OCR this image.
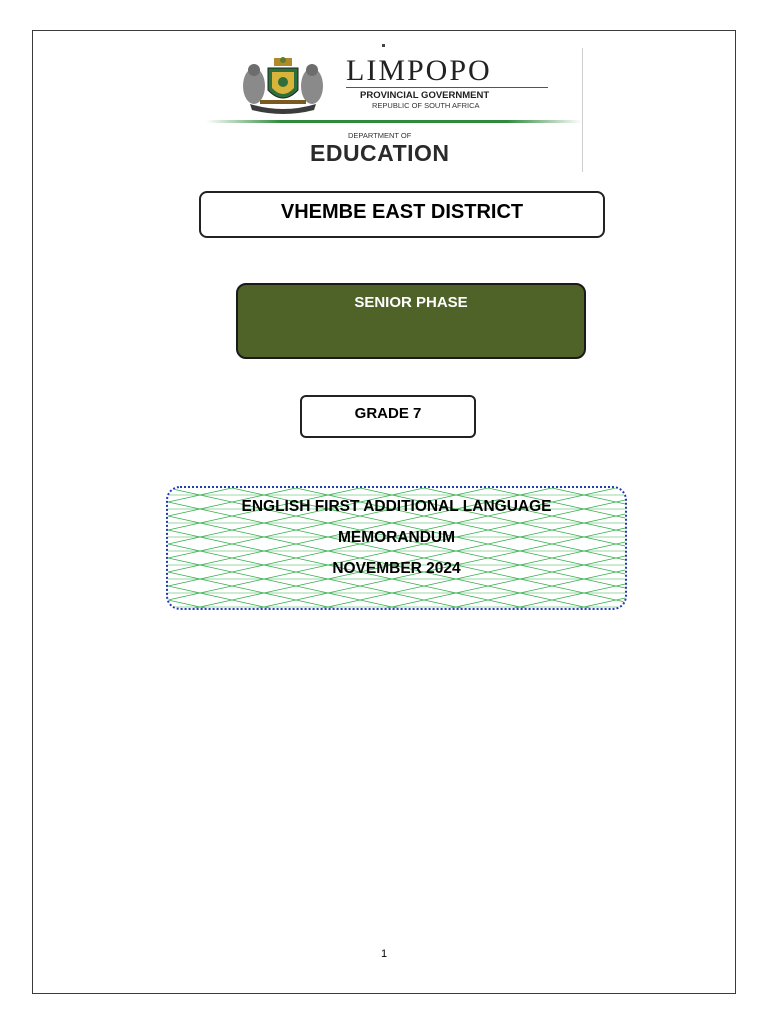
LIMPOPO
PROVINCIAL GOVERNMENT
REPUBLIC OF SOUTH AFRICA
DEPARTMENT OF
EDUCATION
VHEMBE EAST DISTRICT
SENIOR PHASE
GRADE 7
ENGLISH FIRST ADDITIONAL LANGUAGE
MEMORANDUM
NOVEMBER 2024
1
